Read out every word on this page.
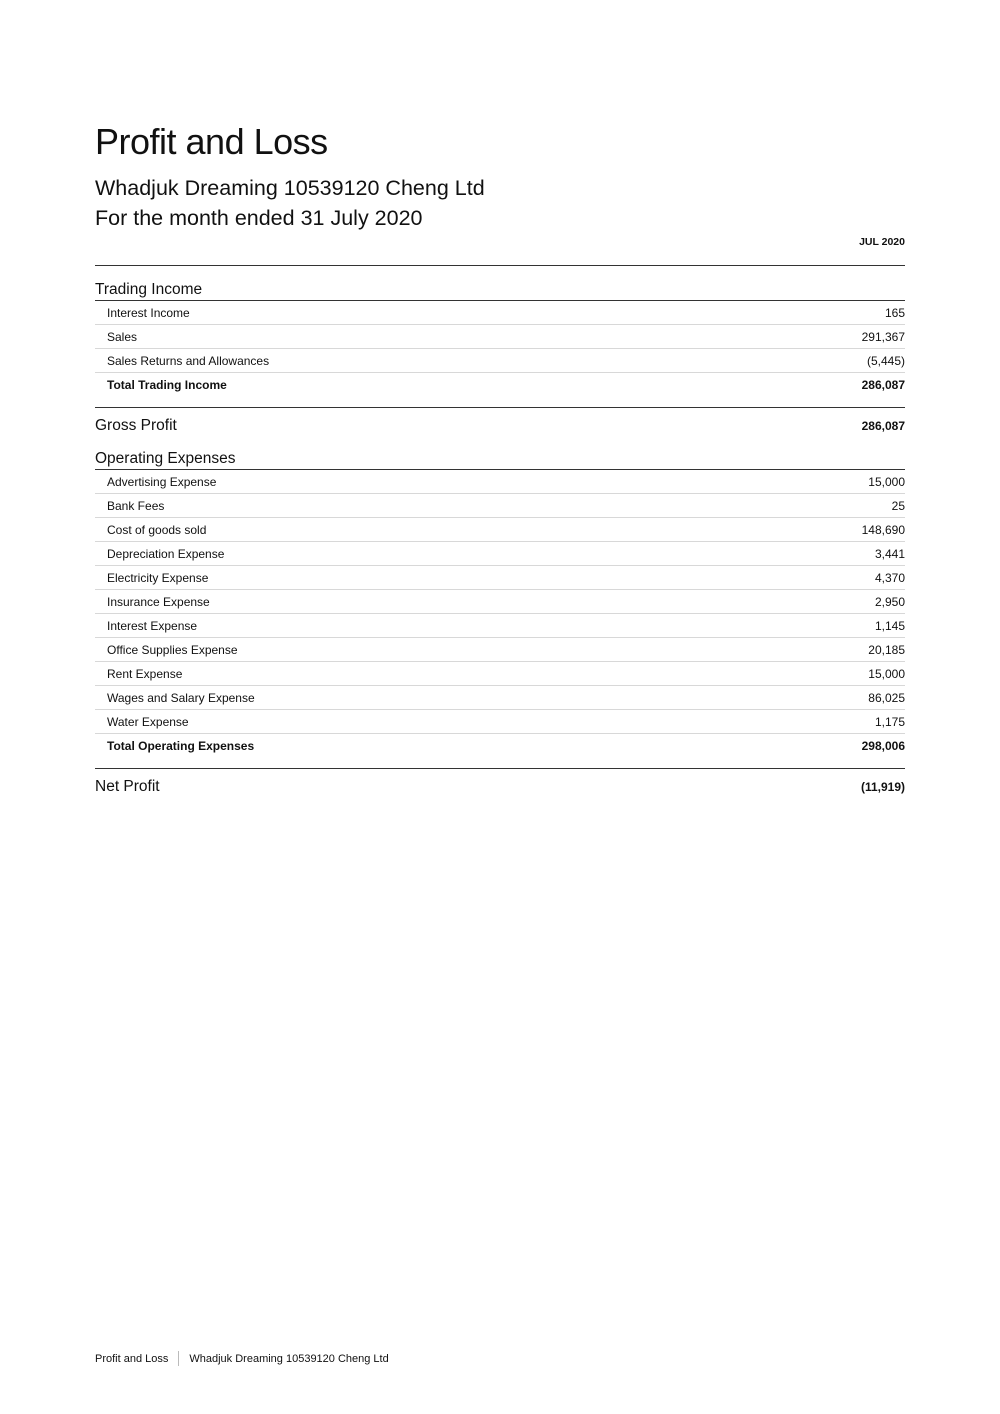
Profit and Loss
Whadjuk Dreaming 10539120 Cheng Ltd
For the month ended 31 July 2020
JUL 2020
Trading Income
Interest Income	165
Sales	291,367
Sales Returns and Allowances	(5,445)
Total Trading Income	286,087
Gross Profit	286,087
Operating Expenses
Advertising Expense	15,000
Bank Fees	25
Cost of goods sold	148,690
Depreciation Expense	3,441
Electricity Expense	4,370
Insurance Expense	2,950
Interest Expense	1,145
Office Supplies Expense	20,185
Rent Expense	15,000
Wages and Salary Expense	86,025
Water Expense	1,175
Total Operating Expenses	298,006
Net Profit	(11,919)
Profit and Loss Whadjuk Dreaming 10539120 Cheng Ltd
